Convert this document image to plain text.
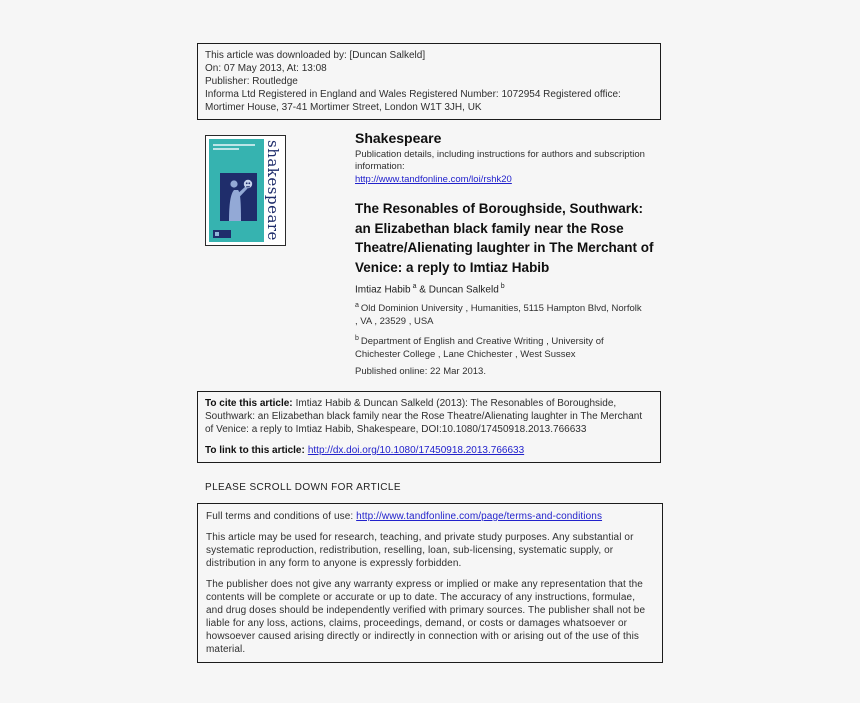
This article was downloaded by: [Duncan Salkeld]
On: 07 May 2013, At: 13:08
Publisher: Routledge
Informa Ltd Registered in England and Wales Registered Number: 1072954 Registered office: Mortimer House, 37-41 Mortimer Street, London W1T 3JH, UK
shakespeare
Shakespeare

Publication details, including instructions for authors and subscription information:

http://www.tandfonline.com/loi/rshk20

The Resonables of Boroughside, Southwark: an Elizabethan black family near the Rose Theatre/Alienating laughter in The Merchant of Venice: a reply to Imtiaz Habib

Imtiaz Habib $^a$ & Duncan Salkeld $^b$

$^a$ Old Dominion University , Humanities, 5115 Hampton Blvd, Norfolk , VA , 23529 , USA

$^b$ Department of English and Creative Writing , University of Chichester College , Lane Chichester , West Sussex

Published online: 22 Mar 2013.

To cite this article: Imtiaz Habib & Duncan Salkeld (2013): The Resonables of Boroughside, Southwark: an Elizabethan black family near the Rose Theatre/Alienating laughter in The Merchant of Venice: a reply to Imtiaz Habib, Shakespeare, DOI:10.1080/17450918.2013.766633

To link to this article: http://dx.doi.org/10.1080/17450918.2013.766633

PLEASE SCROLL DOWN FOR ARTICLE

Full terms and conditions of use: http://www.tandfonline.com/page/terms-and-conditions

This article may be used for research, teaching, and private study purposes. Any substantial or systematic reproduction, redistribution, reselling, loan, sub-licensing, systematic supply, or distribution in any form to anyone is expressly forbidden.

The publisher does not give any warranty express or implied or make any representation that the contents will be complete or accurate or up to date. The accuracy of any instructions, formulae, and drug doses should be independently verified with primary sources. The publisher shall not be liable for any loss, actions, claims, proceedings, demand, or costs or damages whatsoever or howsoever caused arising directly or indirectly in connection with or arising out of the use of this material.
